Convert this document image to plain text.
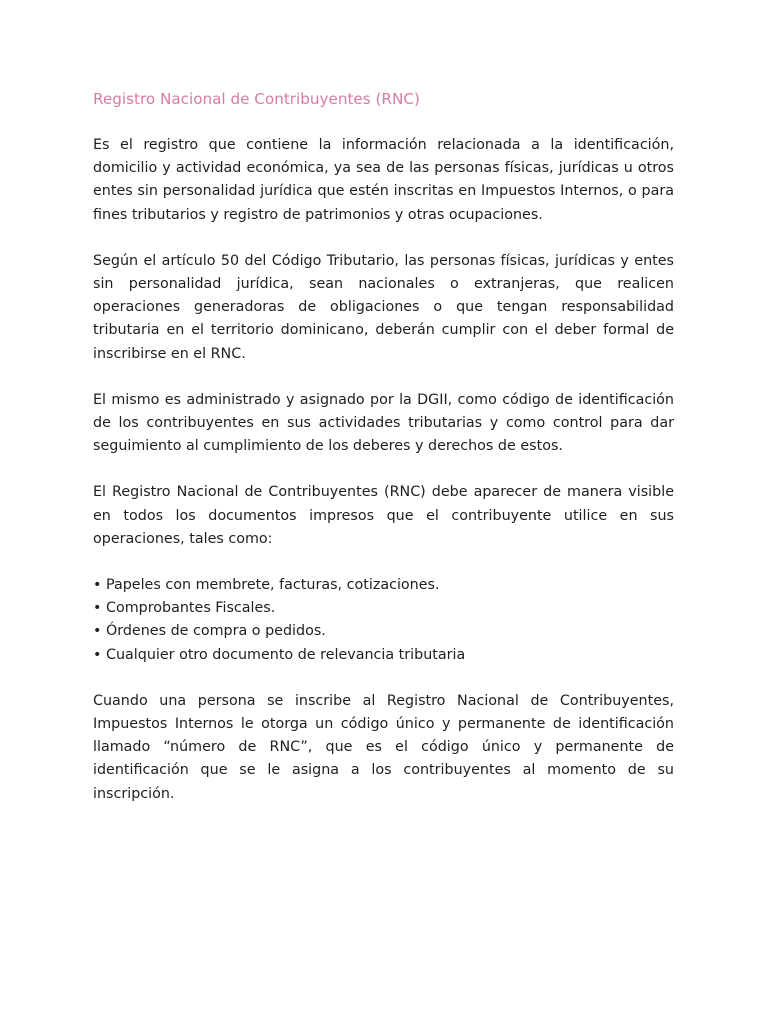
Registro Nacional de Contribuyentes (RNC)

Es el registro que contiene la información relacionada a la identificación, domicilio y actividad económica, ya sea de las personas físicas, jurídicas u otros entes sin personalidad jurídica que estén inscritas en Impuestos Internos, o para fines tributarios y registro de patrimonios y otras ocupaciones.

Según el artículo 50 del Código Tributario, las personas físicas, jurídicas y entes sin personalidad jurídica, sean nacionales o extranjeras, que realicen operaciones generadoras de obligaciones o que tengan responsabilidad tributaria en el territorio dominicano, deberán cumplir con el deber formal de inscribirse en el RNC.

El mismo es administrado y asignado por la DGII, como código de identificación de los contribuyentes en sus actividades tributarias y como control para dar seguimiento al cumplimiento de los deberes y derechos de estos.

El Registro Nacional de Contribuyentes (RNC) debe aparecer de manera visible en todos los documentos impresos que el contribuyente utilice en sus operaciones, tales como:

• Papeles con membrete, facturas, cotizaciones.
• Comprobantes Fiscales.
• Órdenes de compra o pedidos.
• Cualquier otro documento de relevancia tributaria

Cuando una persona se inscribe al Registro Nacional de Contribuyentes, Impuestos Internos le otorga un código único y permanente de identificación llamado “número de RNC”, que es el código único y permanente de identificación que se le asigna a los contribuyentes al momento de su inscripción.
